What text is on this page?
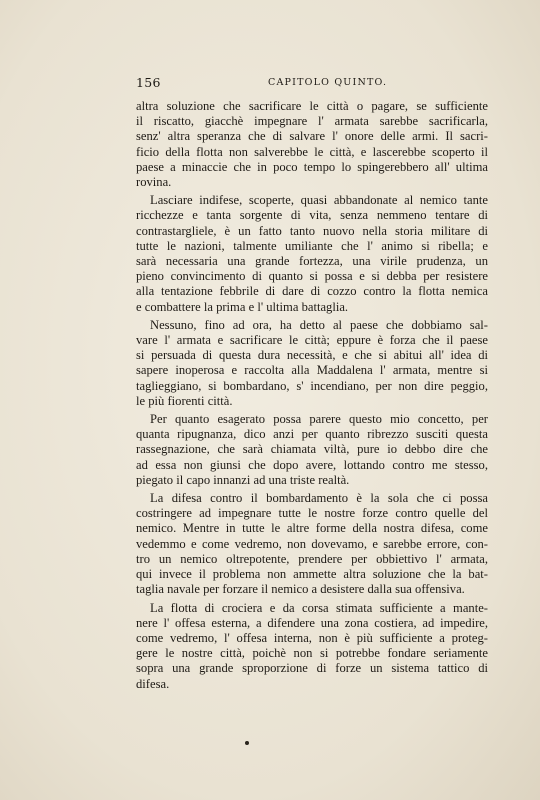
156	CAPITOLO QUINTO.

altra soluzione che sacrificare le città o pagare, se sufficiente
il riscatto, giacchè impegnare l' armata sarebbe sacrificarla,
senz' altra speranza che di salvare l' onore delle armi. Il sacri-
ficio della flotta non salverebbe le città, e lascerebbe scoperto il
paese a minaccie che in poco tempo lo spingerebbero all' ultima
rovina.

Lasciare indifese, scoperte, quasi abbandonate al nemico tante
ricchezze e tanta sorgente di vita, senza nemmeno tentare di
contrastargliele, è un fatto tanto nuovo nella storia militare di
tutte le nazioni, talmente umiliante che l' animo si ribella; e
sarà necessaria una grande fortezza, una virile prudenza, un
pieno convincimento di quanto si possa e si debba per resistere
alla tentazione febbrile di dare di cozzo contro la flotta nemica
e combattere la prima e l' ultima battaglia.

Nessuno, fino ad ora, ha detto al paese che dobbiamo sal-
vare l' armata e sacrificare le città; eppure è forza che il paese
si persuada di questa dura necessità, e che si abitui all' idea di
sapere inoperosa e raccolta alla Maddalena l' armata, mentre si
taglieggiano, si bombardano, s' incendiano, per non dire peggio,
le più fiorenti città.

Per quanto esagerato possa parere questo mio concetto, per
quanta ripugnanza, dico anzi per quanto ribrezzo susciti questa
rassegnazione, che sarà chiamata viltà, pure io debbo dire che
ad essa non giunsi che dopo avere, lottando contro me stesso,
piegato il capo innanzi ad una triste realtà.

La difesa contro il bombardamento è la sola che ci possa
costringere ad impegnare tutte le nostre forze contro quelle del
nemico. Mentre in tutte le altre forme della nostra difesa, come
vedemmo e come vedremo, non dovevamo, e sarebbe errore, con-
tro un nemico oltrepotente, prendere per obbiettivo l' armata,
qui invece il problema non ammette altra soluzione che la bat-
taglia navale per forzare il nemico a desistere dalla sua offensiva.

La flotta di crociera e da corsa stimata sufficiente a mante-
nere l' offesa esterna, a difendere una zona costiera, ad impedire,
come vedremo, l' offesa interna, non è più sufficiente a proteg-
gere le nostre città, poichè non si potrebbe fondare seriamente
sopra una grande sproporzione di forze un sistema tattico di
difesa.
